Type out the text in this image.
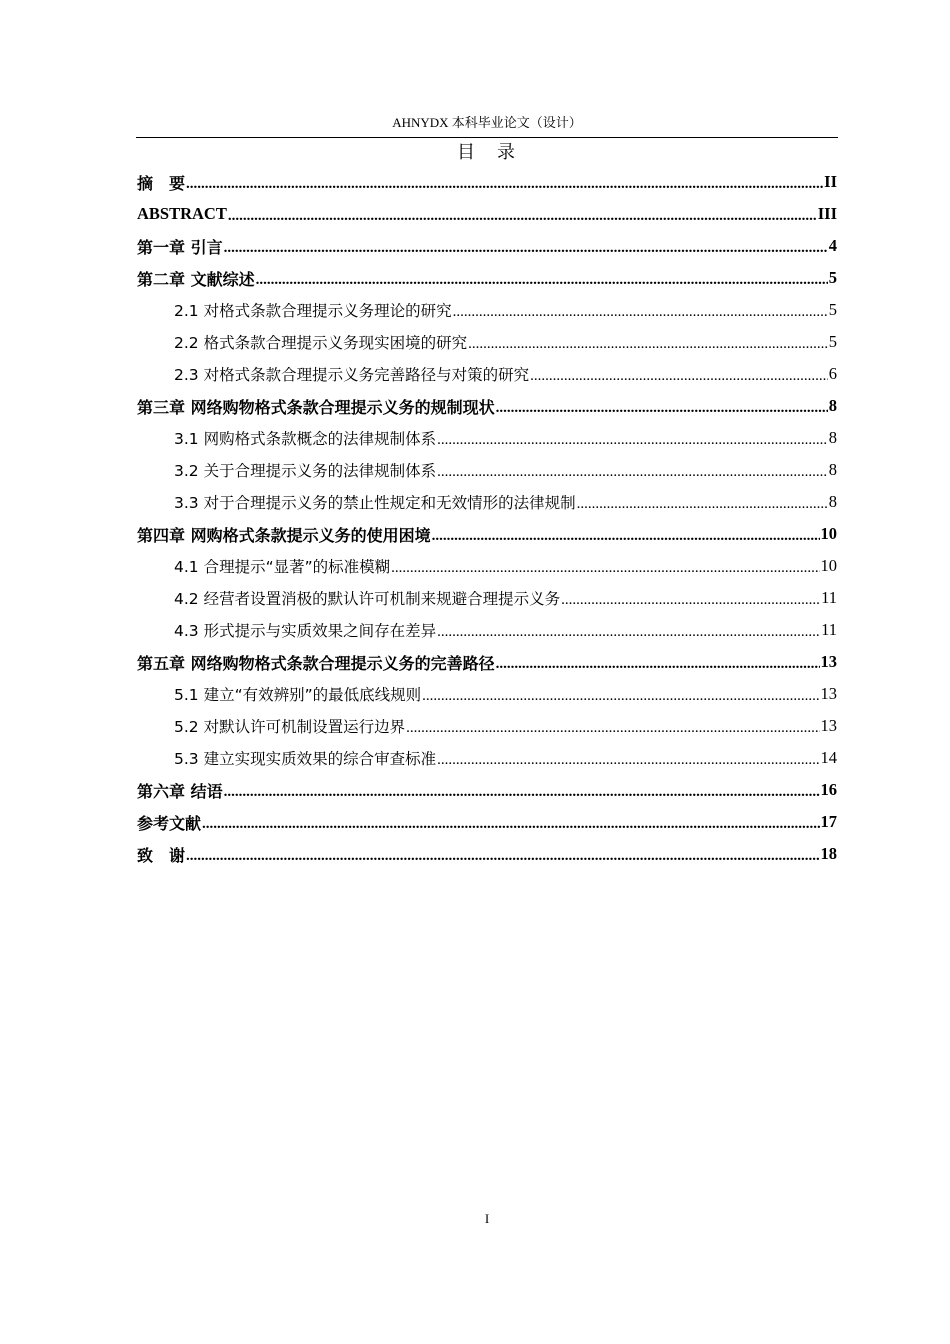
AHNYDX 本科毕业论文（设计）
目　录
摘　要 .....	II
ABSTRACT .....	III
第一章 引言 .....	4
第二章 文献综述 .....	5
2.1 对格式条款合理提示义务理论的研究 .....	5
2.2 格式条款合理提示义务现实困境的研究 .....	5
2.3 对格式条款合理提示义务完善路径与对策的研究 .....	6
第三章 网络购物格式条款合理提示义务的规制现状 .....	8
3.1 网购格式条款概念的法律规制体系 .....	8
3.2 关于合理提示义务的法律规制体系 .....	8
3.3 对于合理提示义务的禁止性规定和无效情形的法律规制 .....	8
第四章 网购格式条款提示义务的使用困境 .....	10
4.1 合理提示“显著”的标准模糊 .....	10
4.2 经营者设置消极的默认许可机制来规避合理提示义务 .....	11
4.3 形式提示与实质效果之间存在差异 .....	11
第五章 网络购物格式条款合理提示义务的完善路径 .....	13
5.1 建立“有效辨别”的最低底线规则 .....	13
5.2 对默认许可机制设置运行边界 .....	13
5.3 建立实现实质效果的综合审查标准 .....	14
第六章 结语 .....	16
参考文献 .....	17
致　谢 .....	18
I
